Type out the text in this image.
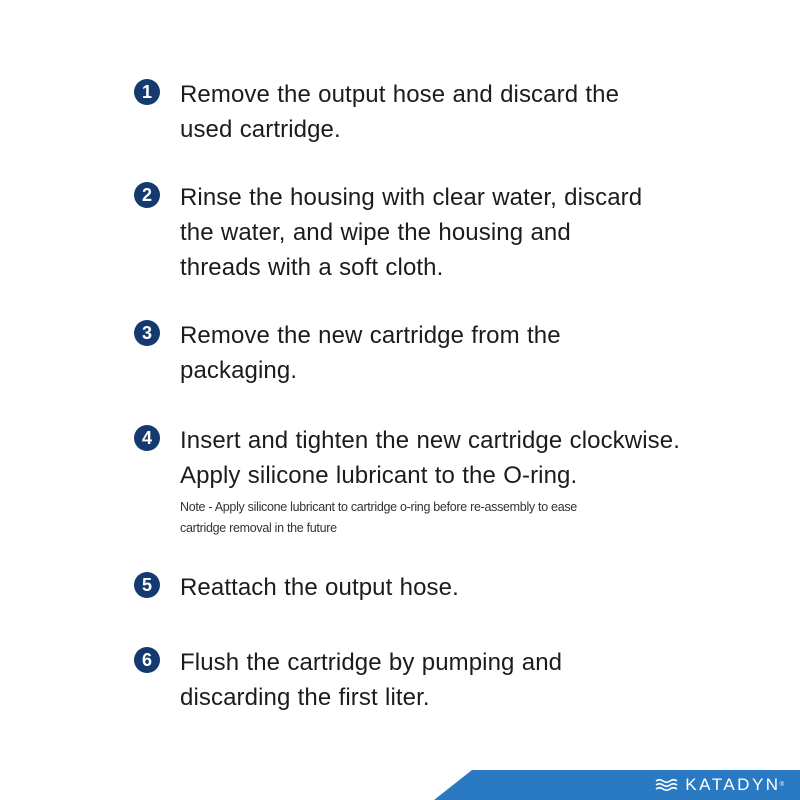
1	Remove the output hose and discard the
used cartridge.
2	Rinse the housing with clear water, discard
the water, and wipe the housing and
threads with a soft cloth.
3	Remove the new cartridge from the
packaging.
4	Insert and tighten the new cartridge clockwise.
Apply silicone lubricant to the O-ring.
Note - Apply silicone lubricant to cartridge o-ring before re-assembly to ease
cartridge removal in the future
5	Reattach the output hose.
6	Flush the cartridge by pumping and
discarding the first liter.
KATADYN ®
